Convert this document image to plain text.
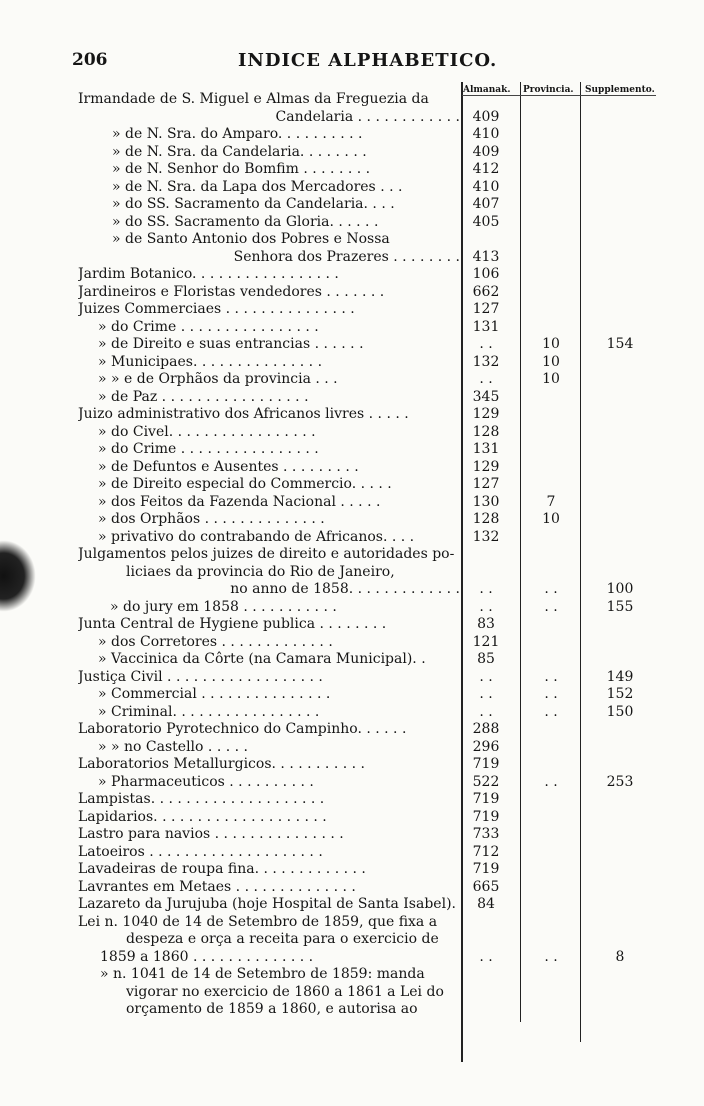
206	INDICE ALPHABETICO.
Almanak. Provincia. Supplemento.
Irmandade de S. Miguel e Almas da Freguezia da
Candelaria . . . . . . . . . . . . 409
» de N. Sra. do Amparo. . . . . . . . . .	410
» de N. Sra. da Candelaria. . . . . . . .	409
» de N. Senhor do Bomfim . . . . . . . .	412
» de N. Sra. da Lapa dos Mercadores . . .	410
» do SS. Sacramento da Candelaria. . . .	407
» do SS. Sacramento da Gloria. . . . . .	405
» de Santo Antonio dos Pobres e Nossa
Senhora dos Prazeres . . . . . . . . 413
Jardim Botanico. . . . . . . . . . . . . . . . .	106
Jardineiros e Floristas vendedores . . . . . . .	662
Juizes Commerciaes . . . . . . . . . . . . . . .	127
» do Crime . . . . . . . . . . . . . . . .	131
» de Direito e suas entrancias . . . . . .	. .	10	154
» Municipaes. . . . . . . . . . . . . . .	132	10
» » e de Orphãos da provincia . . .	. .	10
» de Paz . . . . . . . . . . . . . . . . .	345
Juizo administrativo dos Africanos livres . . . . .	129
» do Civel. . . . . . . . . . . . . . . . .	128
» do Crime . . . . . . . . . . . . . . . .	131
» de Defuntos e Ausentes . . . . . . . . .	129
» de Direito especial do Commercio. . . . .	127
» dos Feitos da Fazenda Nacional . . . . .	130	7
» dos Orphãos . . . . . . . . . . . . . .	128	10
» privativo do contrabando de Africanos. . . .	132
Julgamentos pelos juizes de direito e autoridades po-
liciaes da provincia do Rio de Janeiro,
no anno de 1858. . . . . . . . . . . . .	. .	. .	100
» do jury em 1858 . . . . . . . . . . .	. .	. .	155
Junta Central de Hygiene publica . . . . . . . .	83
» dos Corretores . . . . . . . . . . . . .	121
» Vaccinica da Côrte (na Camara Municipal). .	85
Justiça Civil . . . . . . . . . . . . . . . . . .	. .	. .	149
» Commercial . . . . . . . . . . . . . . .	. .	. .	152
» Criminal. . . . . . . . . . . . . . . . .	. .	. .	150
Laboratorio Pyrotechnico do Campinho. . . . . .	288
» » no Castello . . . . .	296
Laboratorios Metallurgicos. . . . . . . . . . .	719
» Pharmaceuticos . . . . . . . . . .	522	. .	253
Lampistas. . . . . . . . . . . . . . . . . . . .	719
Lapidarios. . . . . . . . . . . . . . . . . . . .	719
Lastro para navios . . . . . . . . . . . . . . .	733
Latoeiros . . . . . . . . . . . . . . . . . . . .	712
Lavadeiras de roupa fina. . . . . . . . . . . . .	719
Lavrantes em Metaes . . . . . . . . . . . . . .	665
Lazareto da Jurujuba (hoje Hospital de Santa Isabel).	84
Lei n. 1040 de 14 de Setembro de 1859, que fixa a
despeza e orça a receita para o exercicio de
1859 a 1860 . . . . . . . . . . . . . .	. .	. .	8
» n. 1041 de 14 de Setembro de 1859: manda
vigorar no exercicio de 1860 a 1861 a Lei do
orçamento de 1859 a 1860, e autorisa ao
